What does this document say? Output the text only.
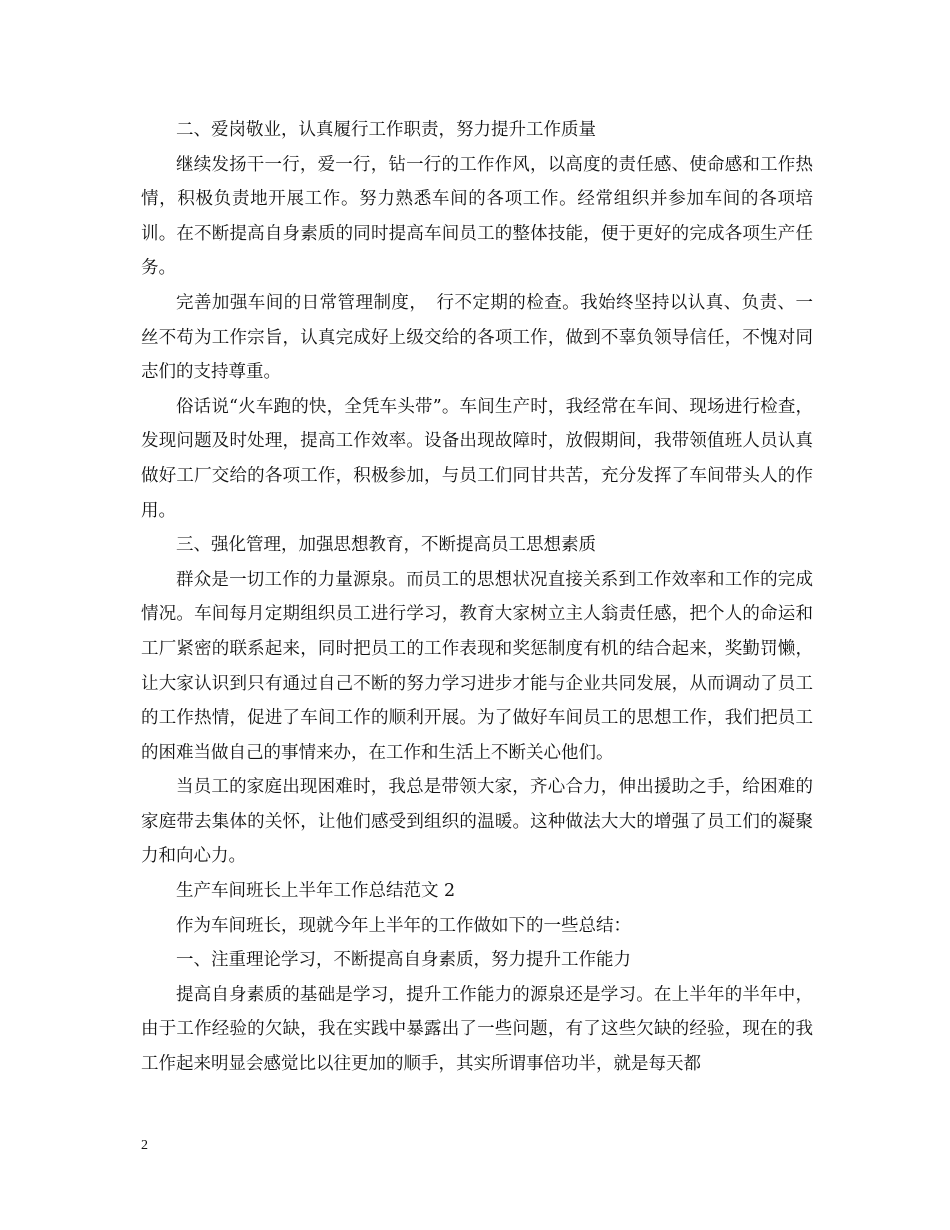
二、爱岗敬业，认真履行工作职责，努力提升工作质量

继续发扬干一行，爱一行，钻一行的工作作风，以高度的责任感、使命感和工作热情，积极负责地开展工作。努力熟悉车间的各项工作。经常组织并参加车间的各项培训。在不断提高自身素质的同时提高车间员工的整体技能，便于更好的完成各项生产任务。

完善加强车间的日常管理制度，　行不定期的检查。我始终坚持以认真、负责、一丝不苟为工作宗旨，认真完成好上级交给的各项工作，做到不辜负领导信任，不愧对同志们的支持尊重。

俗话说“火车跑的快，全凭车头带”。车间生产时，我经常在车间、现场进行检查，发现问题及时处理，提高工作效率。设备出现故障时，放假期间，我带领值班人员认真做好工厂交给的各项工作，积极参加，与员工们同甘共苦，充分发挥了车间带头人的作用。

三、强化管理，加强思想教育，不断提高员工思想素质

群众是一切工作的力量源泉。而员工的思想状况直接关系到工作效率和工作的完成情况。车间每月定期组织员工进行学习，教育大家树立主人翁责任感，把个人的命运和工厂紧密的联系起来，同时把员工的工作表现和奖惩制度有机的结合起来，奖勤罚懒，让大家认识到只有通过自己不断的努力学习进步才能与企业共同发展，从而调动了员工的工作热情，促进了车间工作的顺利开展。为了做好车间员工的思想工作，我们把员工的困难当做自己的事情来办，在工作和生活上不断关心他们。

当员工的家庭出现困难时，我总是带领大家，齐心合力，伸出援助之手，给困难的家庭带去集体的关怀，让他们感受到组织的温暖。这种做法大大的增强了员工们的凝聚力和向心力。

生产车间班长上半年工作总结范文 2

作为车间班长，现就今年上半年的工作做如下的一些总结：

一、注重理论学习，不断提高自身素质，努力提升工作能力

提高自身素质的基础是学习，提升工作能力的源泉还是学习。在上半年的半年中，由于工作经验的欠缺，我在实践中暴露出了一些问题，有了这些欠缺的经验，现在的我工作起来明显会感觉比以往更加的顺手，其实所谓事倍功半，就是每天都

2
